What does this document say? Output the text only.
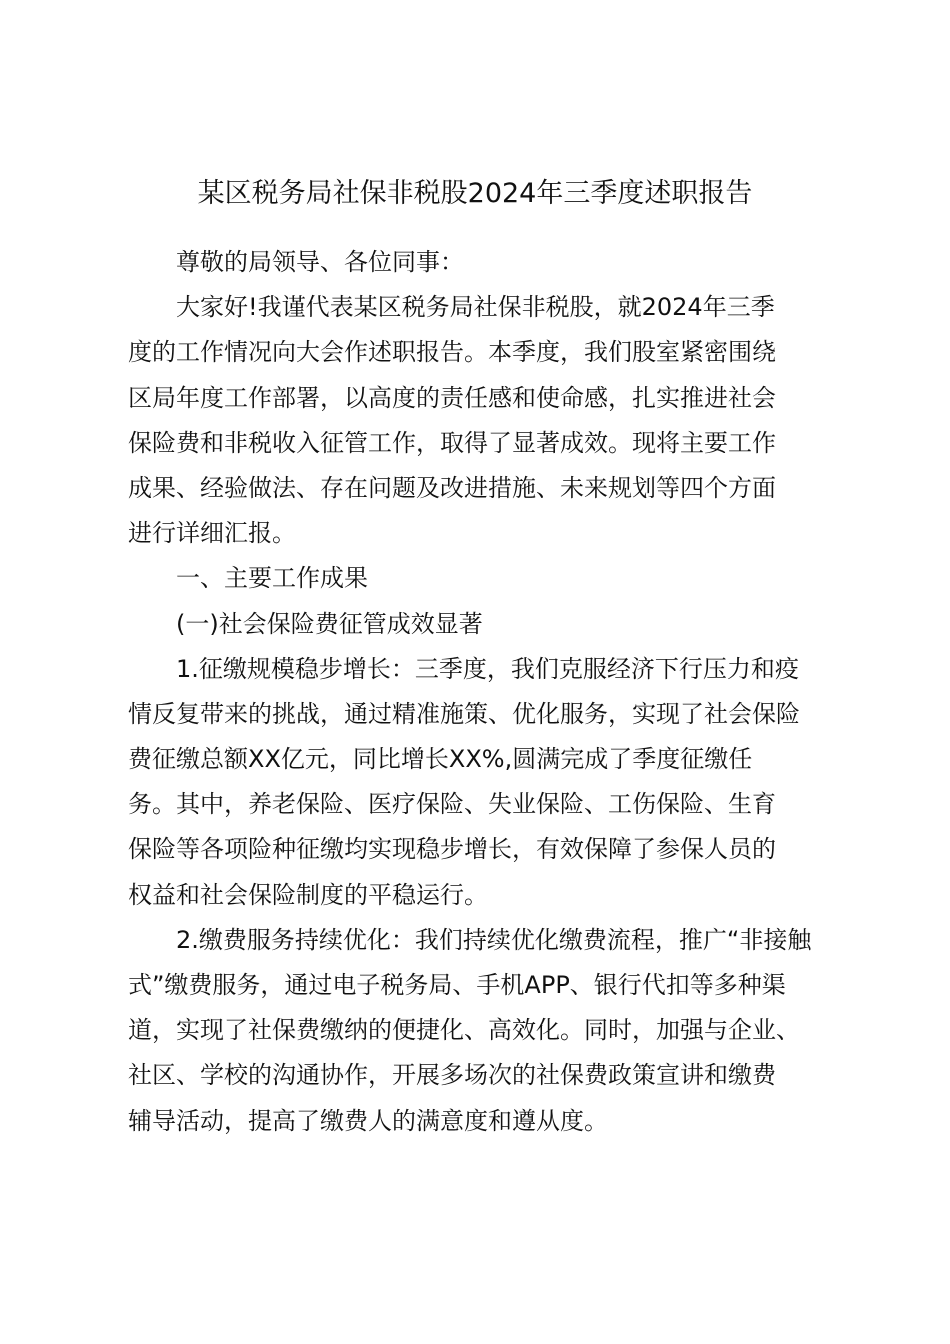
某区税务局社保非税股2024年三季度述职报告
尊敬的局领导、各位同事：
大家好!我谨代表某区税务局社保非税股，就2024年三季
度的工作情况向大会作述职报告。本季度，我们股室紧密围绕
区局年度工作部署，以高度的责任感和使命感，扎实推进社会
保险费和非税收入征管工作，取得了显著成效。现将主要工作
成果、经验做法、存在问题及改进措施、未来规划等四个方面
进行详细汇报。
一、主要工作成果
(一)社会保险费征管成效显著
1.征缴规模稳步增长：三季度，我们克服经济下行压力和疫
情反复带来的挑战，通过精准施策、优化服务，实现了社会保险
费征缴总额XX亿元，同比增长XX%,圆满完成了季度征缴任
务。其中，养老保险、医疗保险、失业保险、工伤保险、生育
保险等各项险种征缴均实现稳步增长，有效保障了参保人员的
权益和社会保险制度的平稳运行。
2.缴费服务持续优化：我们持续优化缴费流程，推广“非接触
式”缴费服务，通过电子税务局、手机APP、银行代扣等多种渠
道，实现了社保费缴纳的便捷化、高效化。同时，加强与企业、
社区、学校的沟通协作，开展多场次的社保费政策宣讲和缴费
辅导活动，提高了缴费人的满意度和遵从度。
